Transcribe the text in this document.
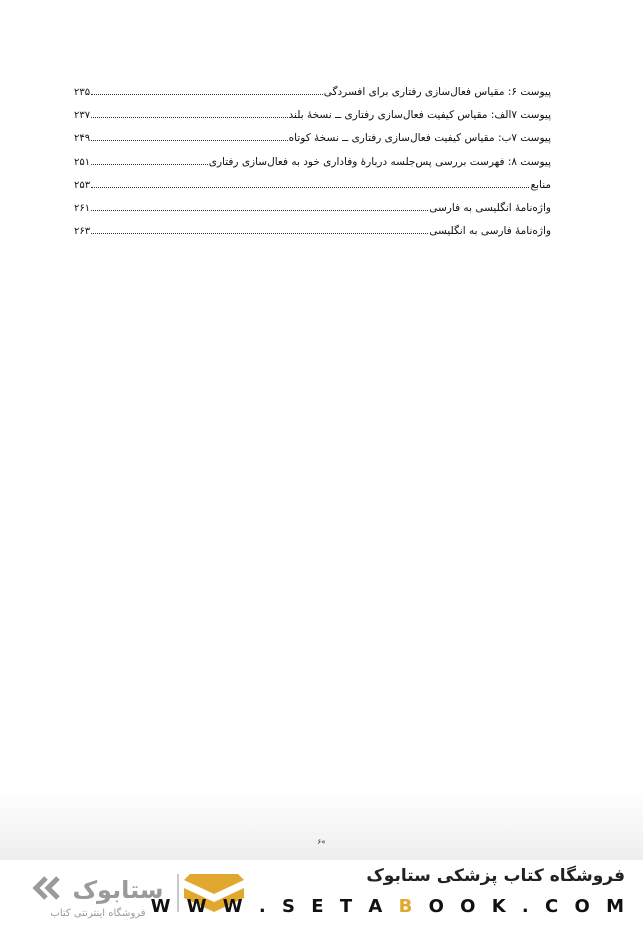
پیوست ۶: مقیاس فعال‌سازی رفتاری برای افسردگی
۲۳۵
پیوست ۷الف: مقیاس کیفیت فعال‌سازی رفتاری ــ نسخهٔ بلند
۲۳۷
پیوست ۷ب: مقیاس کیفیت فعال‌سازی رفتاری ــ نسخهٔ کوتاه
۲۴۹
پیوست ۸: فهرست بررسی پس‌جلسه دربارهٔ وفاداری خود به فعال‌سازی رفتاری
۲۵۱
منابع
۲۵۳
واژه‌نامهٔ انگلیسی به فارسی
۲۶۱
واژه‌نامهٔ فارسی به انگلیسی
۲۶۳
۶«
ستابوک
فروشگاه اینترنتی کتاب
فروشگاه کتاب پزشکی ستابوک
W W W . S E T A B O O K . C O M
